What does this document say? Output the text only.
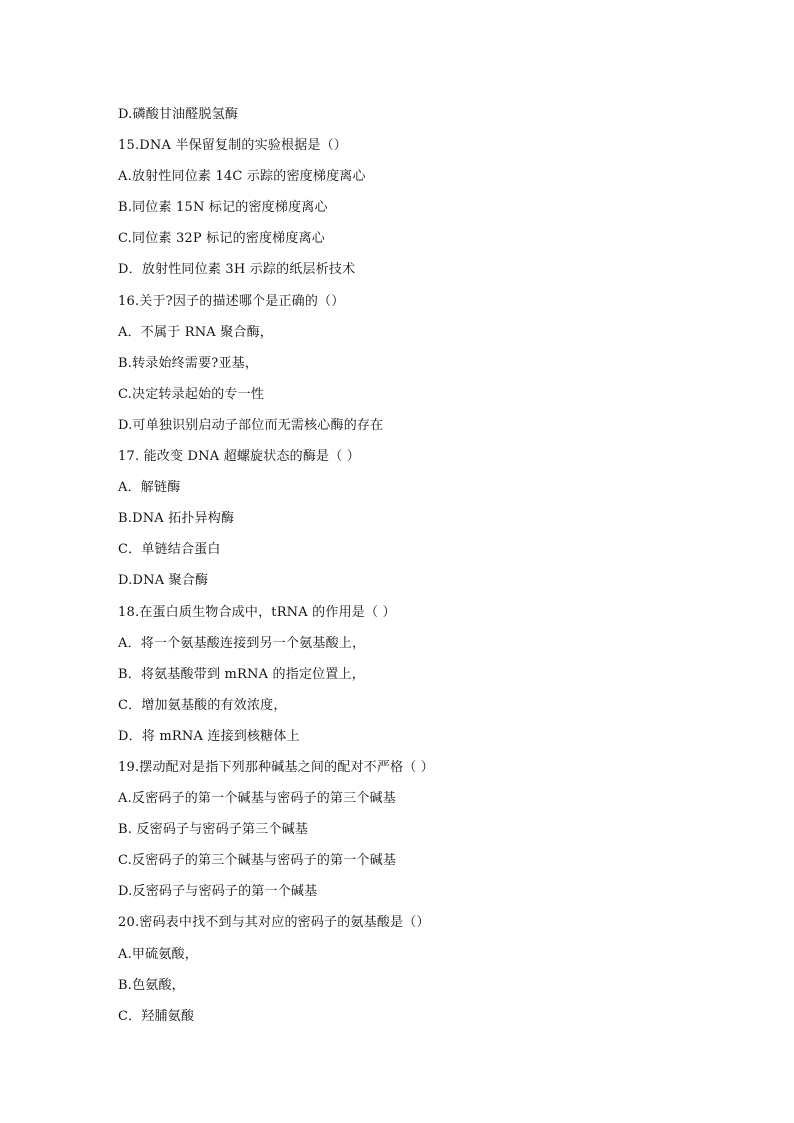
D.磷酸甘油醛脱氢酶
15.DNA 半保留复制的实验根据是（）
A.放射性同位素 14C 示踪的密度梯度离心
B.同位素 15N 标记的密度梯度离心
C.同位素 32P 标记的密度梯度离心
D．放射性同位素 3H 示踪的纸层析技术
16.关于?因子的描述哪个是正确的（）
A．不属于 RNA 聚合酶，
B.转录始终需要?亚基，
C.决定转录起始的专一性
D.可单独识别启动子部位而无需核心酶的存在
17. 能改变 DNA 超螺旋状态的酶是（ ）
A．解链酶
B.DNA 拓扑异构酶
C．单链结合蛋白
D.DNA 聚合酶
18.在蛋白质生物合成中，tRNA 的作用是（ ）
A．将一个氨基酸连接到另一个氨基酸上，
B．将氨基酸带到 mRNA 的指定位置上，
C．增加氨基酸的有效浓度，
D．将 mRNA 连接到核糖体上
19.摆动配对是指下列那种碱基之间的配对不严格（ ）
A.反密码子的第一个碱基与密码子的第三个碱基
B. 反密码子与密码子第三个碱基
C.反密码子的第三个碱基与密码子的第一个碱基
D.反密码子与密码子的第一个碱基
20.密码表中找不到与其对应的密码子的氨基酸是（）
A.甲硫氨酸，
B.色氨酸，
C．羟脯氨酸
